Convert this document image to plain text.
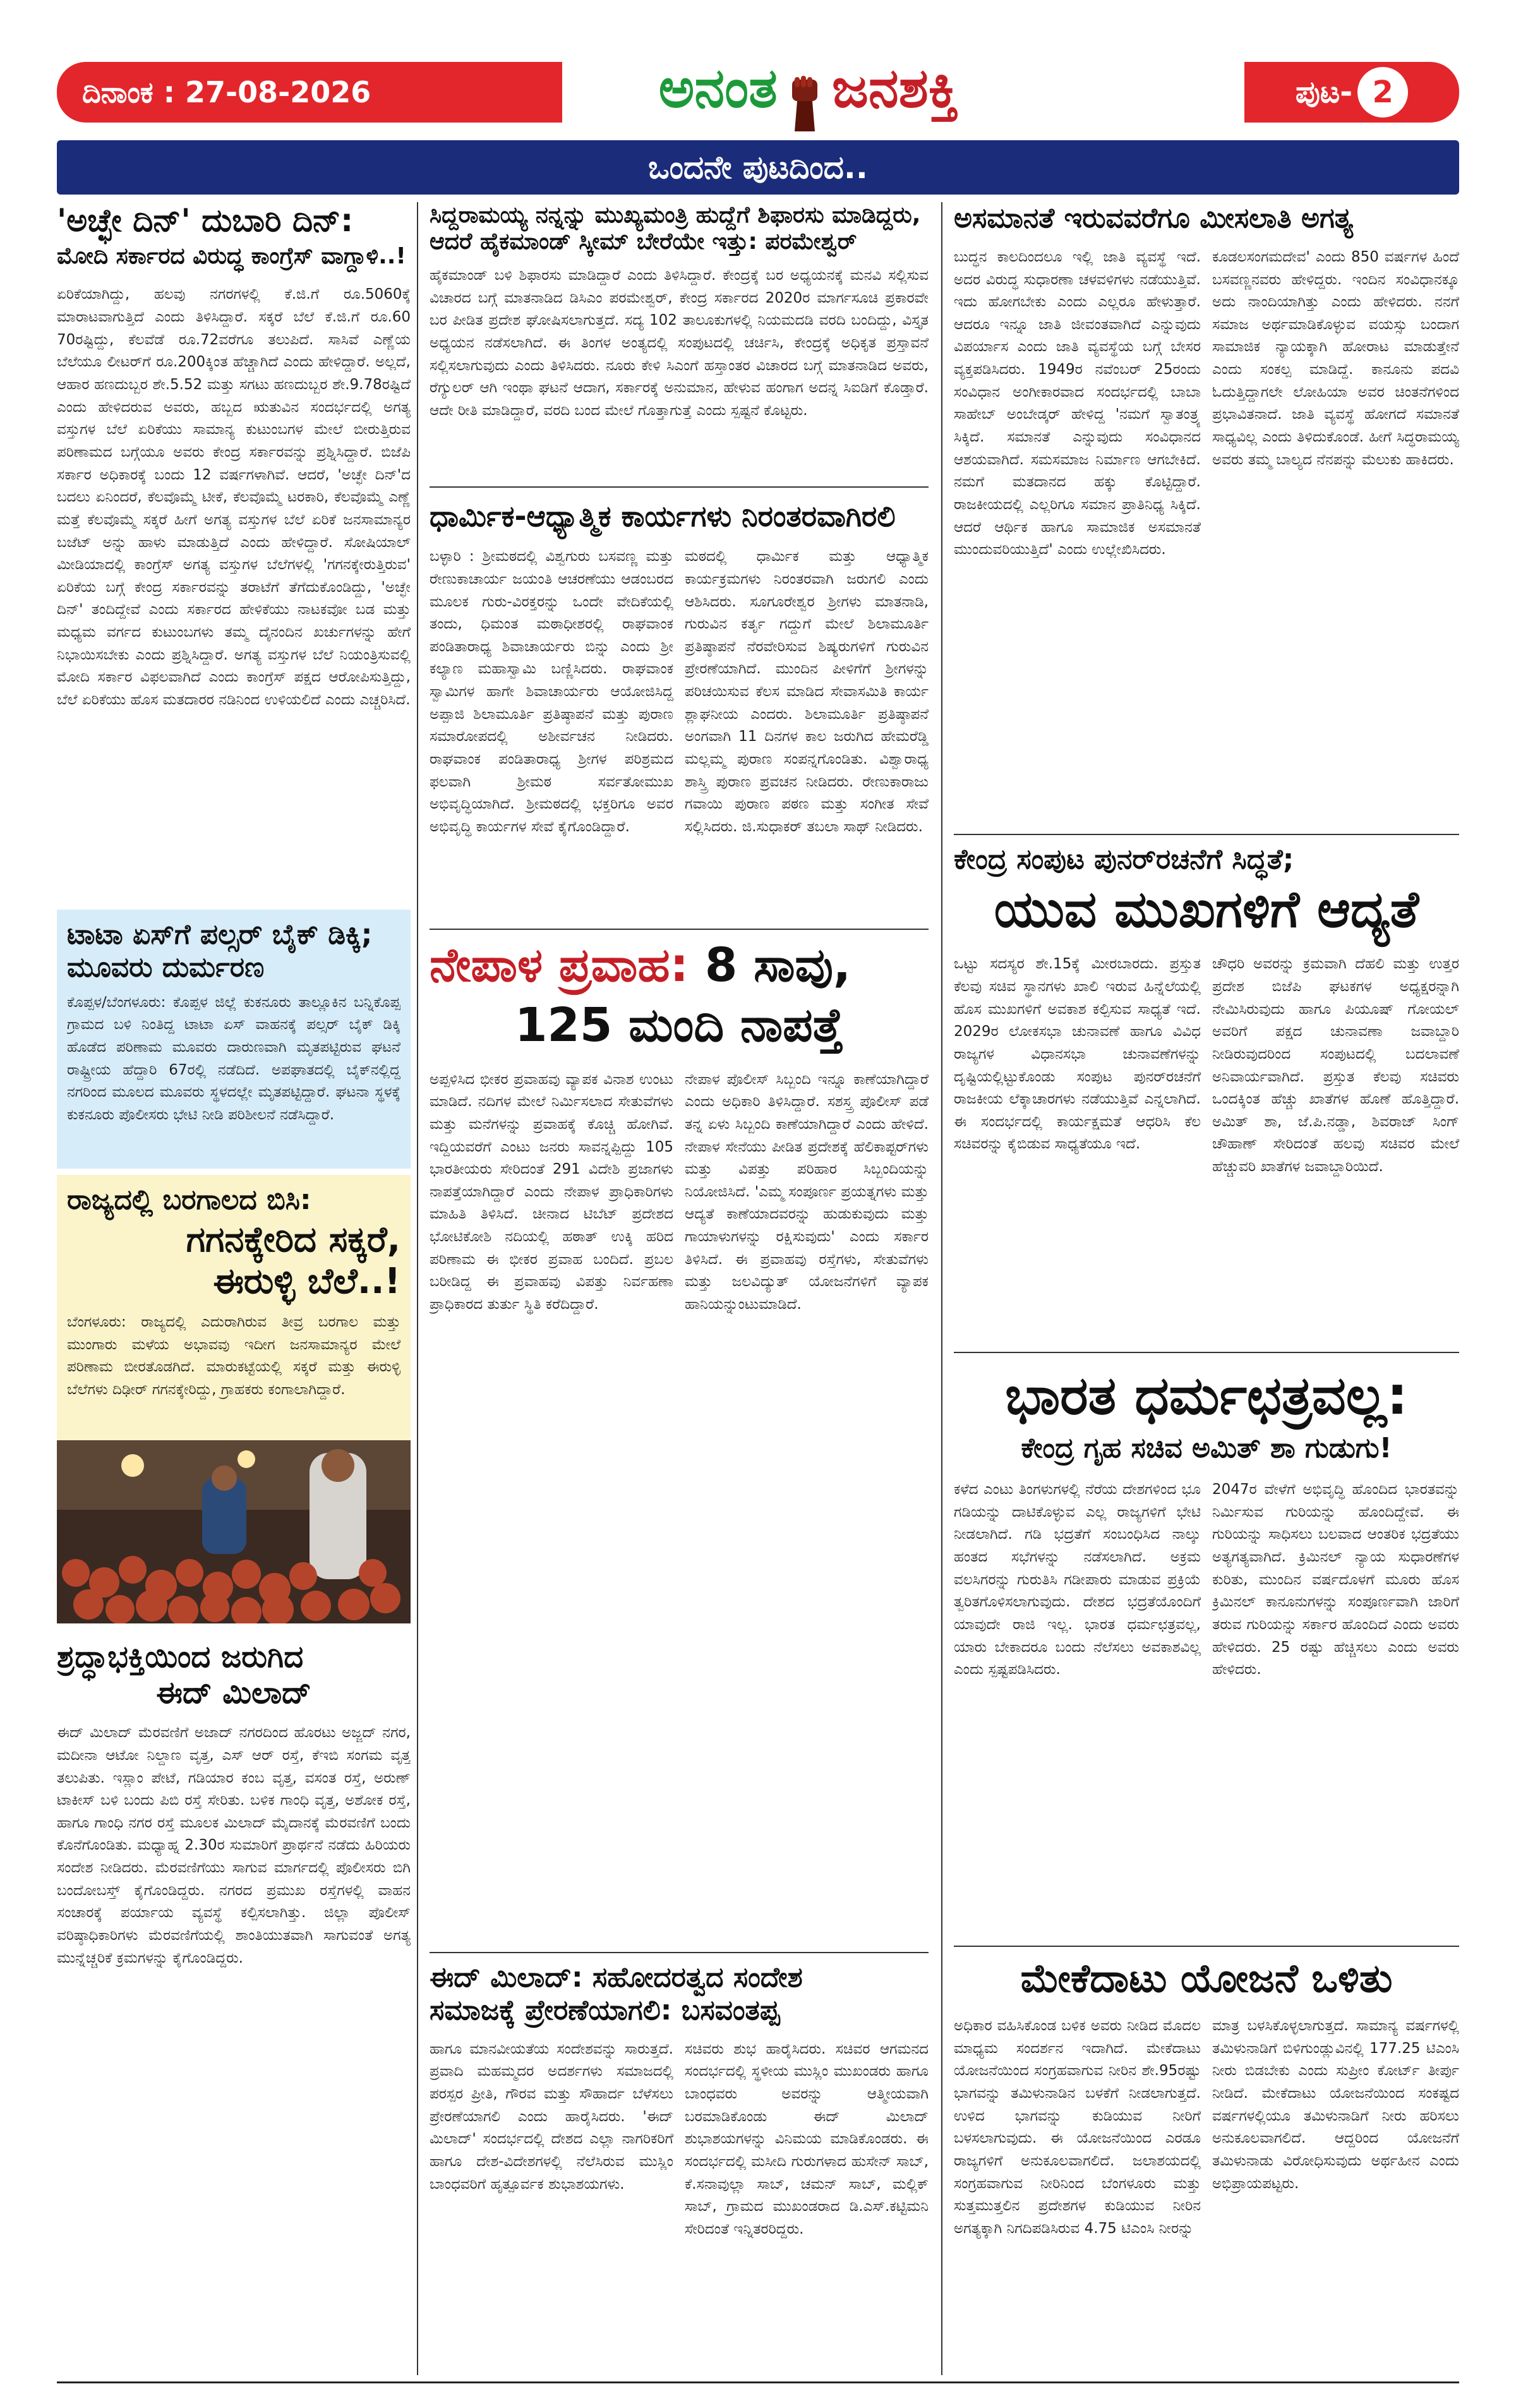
ದಿನಾಂಕ : 27-08-2026	ಅನಂತ ಜನಶಕ್ತಿ	ಪುಟ- 2
ಒಂದನೇ ಪುಟದಿಂದ..
'ಅಚ್ಛೇ ದಿನ್' ದುಬಾರಿ ದಿನ್:
ಮೋದಿ ಸರ್ಕಾರದ ವಿರುದ್ಧ ಕಾಂಗ್ರೆಸ್ ವಾಗ್ದಾಳಿ..!
ಏರಿಕೆಯಾಗಿದ್ದು, ಹಲವು ನಗರಗಳಲ್ಲಿ ಕೆ.ಜಿ.ಗೆ ರೂ.5060ಕ್ಕೆ ಮಾರಾಟವಾಗುತ್ತಿದೆ ಎಂದು ತಿಳಿಸಿದ್ದಾರೆ. ಸಕ್ಕರೆ ಬೆಲೆ ಕೆ.ಜಿ.ಗೆ ರೂ.60 70ರಷ್ಟಿದ್ದು, ಕೆಲವೆಡೆ ರೂ.72ವರೆಗೂ ತಲುಪಿದೆ. ಸಾಸಿವೆ ಎಣ್ಣೆಯ ಬೆಲೆಯೂ ಲೀಟರ್‌ಗೆ ರೂ.200ಕ್ಕಿಂತ ಹೆಚ್ಚಾಗಿದೆ ಎಂದು ಹೇಳಿದ್ದಾರೆ. ಅಲ್ಲದೆ, ಆಹಾರ ಹಣದುಬ್ಬರ ಶೇ.5.52 ಮತ್ತು ಸಗಟು ಹಣದುಬ್ಬರ ಶೇ.9.78ರಷ್ಟಿದೆ ಎಂದು ಹೇಳಿದರುವ ಅವರು, ಹಬ್ಬದ ಋತುವಿನ ಸಂದರ್ಭದಲ್ಲಿ ಅಗತ್ಯ ವಸ್ತುಗಳ ಬೆಲೆ ಏರಿಕೆಯು ಸಾಮಾನ್ಯ ಕುಟುಂಬಗಳ ಮೇಲೆ ಬೀರುತ್ತಿರುವ ಪರಿಣಾಮದ ಬಗ್ಗೆಯೂ ಅವರು ಕೇಂದ್ರ ಸರ್ಕಾರವನ್ನು ಪ್ರಶ್ನಿಸಿದ್ದಾರೆ. ಬಿಜೆಪಿ ಸರ್ಕಾರ ಅಧಿಕಾರಕ್ಕೆ ಬಂದು 12 ವರ್ಷಗಳಾಗಿವೆ. ಆದರೆ, 'ಅಚ್ಛೇ ದಿನ್'ದ ಬದಲು ಏನಿಂದರೆ, ಕೆಲವೊಮ್ಮೆ ಟೀಕೆ, ಕೆಲವೊಮ್ಮೆ ಟರಕಾರಿ, ಕೆಲವೊಮ್ಮೆ ಎಣ್ಣೆ ಮತ್ತೆ ಕೆಲವೊಮ್ಮೆ ಸಕ್ಕರೆ ಹೀಗೆ ಅಗತ್ಯ ವಸ್ತುಗಳ ಬೆಲೆ ಏರಿಕೆ ಜನಸಾಮಾನ್ಯರ ಬಜೆಟ್ ಅನ್ನು ಹಾಳು ಮಾಡುತ್ತಿದೆ ಎಂದು ಹೇಳಿದ್ದಾರೆ. ಸೋಷಿಯಾಲ್ ಮೀಡಿಯಾದಲ್ಲಿ ಕಾಂಗ್ರೆಸ್ ಅಗತ್ಯ ವಸ್ತುಗಳ ಬೆಲೆಗಳಲ್ಲಿ 'ಗಗನಕ್ಕೇರುತ್ತಿರುವ' ಏರಿಕೆಯ ಬಗ್ಗೆ ಕೇಂದ್ರ ಸರ್ಕಾರವನ್ನು ತರಾಟೆಗೆ ತೆಗೆದುಕೊಂಡಿದ್ದು, 'ಅಚ್ಛೇ ದಿನ್' ತಂದಿದ್ದೇವೆ ಎಂದು ಸರ್ಕಾರದ ಹೇಳಿಕೆಯು ನಾಟಕವೋ ಬಡ ಮತ್ತು ಮಧ್ಯಮ ವರ್ಗದ ಕುಟುಂಬಗಳು ತಮ್ಮ ದೈನಂದಿನ ಖರ್ಚುಗಳನ್ನು ಹೇಗೆ ನಿಭಾಯಿಸಬೇಕು ಎಂದು ಪ್ರಶ್ನಿಸಿದ್ದಾರೆ. ಅಗತ್ಯ ವಸ್ತುಗಳ ಬೆಲೆ ನಿಯಂತ್ರಿಸುವಲ್ಲಿ ಮೋದಿ ಸರ್ಕಾರ ವಿಫಲವಾಗಿದೆ ಎಂದು ಕಾಂಗ್ರೆಸ್ ಪಕ್ಷದ ಆರೋಪಿಸುತ್ತಿದ್ದು, ಬೆಲೆ ಏರಿಕೆಯು ಹೊಸ ಮತದಾರರ ನಡಿನಿಂದ ಉಳಿಯಲಿದೆ ಎಂದು ಎಚ್ಚರಿಸಿದೆ.
ಟಾಟಾ ಏಸ್‌ಗೆ ಪಲ್ಸರ್ ಬೈಕ್ ಡಿಕ್ಕಿ; ಮೂವರು ದುರ್ಮರಣ
ಕೊಪ್ಪಳ/ಬೆಂಗಳೂರು: ಕೊಪ್ಪಳ ಜಿಲ್ಲೆ ಕುಕನೂರು ತಾಲ್ಲೂಕಿನ ಬನ್ನಿಕೊಪ್ಪ ಗ್ರಾಮದ ಬಳಿ ನಿಂತಿದ್ದ ಟಾಟಾ ಏಸ್ ವಾಹನಕ್ಕೆ ಪಲ್ಸರ್ ಬೈಕ್ ಡಿಕ್ಕಿ ಹೊಡೆದ ಪರಿಣಾಮ ಮೂವರು ದಾರುಣವಾಗಿ ಮೃತಪಟ್ಟಿರುವ ಘಟನೆ ರಾಷ್ಟ್ರೀಯ ಹೆದ್ದಾರಿ 67ರಲ್ಲಿ ನಡೆದಿದೆ. ಅಪಘಾತದಲ್ಲಿ ಬೈಕ್‌ನಲ್ಲಿದ್ದ ನಗರಿಂದ ಮೂಲದ ಮೂವರು ಸ್ಥಳದಲ್ಲೇ ಮೃತಪಟ್ಟಿದ್ದಾರೆ. ಘಟನಾ ಸ್ಥಳಕ್ಕೆ ಕುಕನೂರು ಪೊಲೀಸರು ಭೇಟಿ ನೀಡಿ ಪರಿಶೀಲನೆ ನಡೆಸಿದ್ದಾರೆ.
ರಾಜ್ಯದಲ್ಲಿ ಬರಗಾಲದ ಬಿಸಿ:
ಗಗನಕ್ಕೇರಿದ ಸಕ್ಕರೆ,
ಈರುಳ್ಳಿ ಬೆಲೆ..!
ಬೆಂಗಳೂರು: ರಾಜ್ಯದಲ್ಲಿ ಎದುರಾಗಿರುವ ತೀವ್ರ ಬರಗಾಲ ಮತ್ತು ಮುಂಗಾರು ಮಳೆಯ ಅಭಾವವು ಇದೀಗ ಜನಸಾಮಾನ್ಯರ ಮೇಲೆ ಪರಿಣಾಮ ಬೀರತೊಡಗಿದೆ. ಮಾರುಕಟ್ಟೆಯಲ್ಲಿ ಸಕ್ಕರೆ ಮತ್ತು ಈರುಳ್ಳಿ ಬೆಲೆಗಳು ದಿಢೀರ್ ಗಗನಕ್ಕೇರಿದ್ದು, ಗ್ರಾಹಕರು ಕಂಗಾಲಾಗಿದ್ದಾರೆ.
ಶ್ರದ್ಧಾಭಕ್ತಿಯಿಂದ ಜರುಗಿದ
ಈದ್ ಮಿಲಾದ್
ಈದ್ ಮಿಲಾದ್ ಮೆರವಣಿಗೆ ಅಜಾದ್ ನಗರದಿಂದ ಹೊರಟು ಅಜ್ಜದ್ ನಗರ, ಮದೀನಾ ಆಟೋ ನಿಲ್ದಾಣ ವೃತ್ತ, ಎಸ್ ಆರ್ ರಸ್ತೆ, ಕೆಇಬಿ ಸಂಗಮ ವೃತ್ತ ತಲುಪಿತು. ಇಸ್ಲಾಂ ಪೇಟೆ, ಗಡಿಯಾರ ಕಂಬ ವೃತ್ತ, ವಸಂತ ರಸ್ತೆ, ಅರುಣ್ ಟಾಕೀಸ್ ಬಳಿ ಬಂದು ಪಿಬಿ ರಸ್ತೆ ಸೇರಿತು. ಬಳಿಕ ಗಾಂಧಿ ವೃತ್ತ, ಅಶೋಕ ರಸ್ತೆ, ಹಾಗೂ ಗಾಂಧಿ ನಗರ ರಸ್ತೆ ಮೂಲಕ ಮಿಲಾದ್ ಮೈದಾನಕ್ಕೆ ಮೆರವಣಿಗೆ ಬಂದು ಕೊನೆಗೊಂಡಿತು. ಮಧ್ಯಾಹ್ನ 2.30ರ ಸುಮಾರಿಗೆ ಪ್ರಾರ್ಥನೆ ನಡೆದು ಹಿರಿಯರು ಸಂದೇಶ ನೀಡಿದರು. ಮೆರವಣಿಗೆಯು ಸಾಗುವ ಮಾರ್ಗದಲ್ಲಿ ಪೊಲೀಸರು ಬಿಗಿ ಬಂದೋಬಸ್ತ್ ಕೈಗೊಂಡಿದ್ದರು. ನಗರದ ಪ್ರಮುಖ ರಸ್ತೆಗಳಲ್ಲಿ ವಾಹನ ಸಂಚಾರಕ್ಕೆ ಪರ್ಯಾಯ ವ್ಯವಸ್ಥೆ ಕಲ್ಪಿಸಲಾಗಿತ್ತು. ಜಿಲ್ಲಾ ಪೊಲೀಸ್ ವರಿಷ್ಠಾಧಿಕಾರಿಗಳು ಮೆರವಣಿಗೆಯಲ್ಲಿ ಶಾಂತಿಯುತವಾಗಿ ಸಾಗುವಂತೆ ಅಗತ್ಯ ಮುನ್ನೆಚ್ಚರಿಕೆ ಕ್ರಮಗಳನ್ನು ಕೈಗೊಂಡಿದ್ದರು.
ಸಿದ್ದರಾಮಯ್ಯ ನನ್ನನ್ನು ಮುಖ್ಯಮಂತ್ರಿ ಹುದ್ದೆಗೆ ಶಿಫಾರಸು ಮಾಡಿದ್ದರು,
ಆದರೆ ಹೈಕಮಾಂಡ್ ಸ್ಕೀಮ್ ಬೇರೆಯೇ ಇತ್ತು: ಪರಮೇಶ್ವರ್
ಹೈಕಮಾಂಡ್ ಬಳಿ ಶಿಫಾರಸು ಮಾಡಿದ್ದಾರೆ ಎಂದು ತಿಳಿಸಿದ್ದಾರೆ. ಕೇಂದ್ರಕ್ಕೆ ಬರ ಅಧ್ಯಯನಕ್ಕೆ ಮನವಿ ಸಲ್ಲಿಸುವ ವಿಚಾರದ ಬಗ್ಗೆ ಮಾತನಾಡಿದ ಡಿಸಿಎಂ ಪರಮೇಶ್ವರ್, ಕೇಂದ್ರ ಸರ್ಕಾರದ 2020ರ ಮಾರ್ಗಸೂಚಿ ಪ್ರಕಾರವೇ ಬರ ಪೀಡಿತ ಪ್ರದೇಶ ಘೋಷಿಸಲಾಗುತ್ತದೆ. ಸದ್ಯ 102 ತಾಲೂಕುಗಳಲ್ಲಿ ನಿಯಮದಡಿ ವರದಿ ಬಂದಿದ್ದು, ವಿಸ್ತೃತ ಅಧ್ಯಯನ ನಡೆಸಲಾಗಿದೆ. ಈ ತಿಂಗಳ ಅಂತ್ಯದಲ್ಲಿ ಸಂಪುಟದಲ್ಲಿ ಚರ್ಚಿಸಿ, ಕೇಂದ್ರಕ್ಕೆ ಅಧಿಕೃತ ಪ್ರಸ್ತಾವನೆ ಸಲ್ಲಿಸಲಾಗುವುದು ಎಂದು ತಿಳಿಸಿದರು. ನೂರು ಕೇಳಿ ಸಿಎಂಗೆ ಹಸ್ತಾಂತರ ವಿಚಾರದ ಬಗ್ಗೆ ಮಾತನಾಡಿದ ಅವರು, ರೆಗ್ಯುಲರ್ ಆಗಿ ಇಂಥಾ ಘಟನೆ ಆದಾಗ, ಸರ್ಕಾರಕ್ಕೆ ಅನುಮಾನ, ಹೇಳುವ ಹಂಗಾಗ ಅದನ್ನ ಸಿಐಡಿಗೆ ಕೊಡ್ತಾರೆ. ಆದೇ ರೀತಿ ಮಾಡಿದ್ದಾರೆ, ವರದಿ ಬಂದ ಮೇಲೆ ಗೊತ್ತಾಗುತ್ತೆ ಎಂದು ಸ್ಪಷ್ಟನೆ ಕೊಟ್ಟರು.
ಧಾರ್ಮಿಕ-ಆಧ್ಯಾತ್ಮಿಕ ಕಾರ್ಯಗಳು ನಿರಂತರವಾಗಿರಲಿ
ಬಳ್ಳಾರಿ : ಶ್ರೀಮಠದಲ್ಲಿ ವಿಶ್ವಗುರು ಬಸವಣ್ಣ ಮತ್ತು ರೇಣುಕಾಚಾರ್ಯ ಜಯಂತಿ ಆಚರಣೆಯು ಆಡಂಬರದ ಮೂಲಕ ಗುರು-ವಿರಕ್ತರನ್ನು ಒಂದೇ ವೇದಿಕೆಯಲ್ಲಿ ತಂದು, ಧಿಮಂತ ಮಠಾಧೀಶರಲ್ಲಿ ರಾಘವಾಂಕ ಪಂಡಿತಾರಾಧ್ಯ ಶಿವಾಚಾರ್ಯರು ಬಿನ್ನು ಎಂದು ಶ್ರೀ ಕಲ್ಯಾಣ ಮಹಾಸ್ವಾಮಿ ಬಣ್ಣಿಸಿದರು. ರಾಘವಾಂಕ ಸ್ವಾಮಿಗಳ ಹಾಗೇ ಶಿವಾಚಾರ್ಯರು ಆಯೋಜಿಸಿದ್ದ ಅಪ್ಪಾಜಿ ಶಿಲಾಮೂರ್ತಿ ಪ್ರತಿಷ್ಠಾಪನೆ ಮತ್ತು ಪುರಾಣ ಸಮಾರೋಪದಲ್ಲಿ ಅಶೀರ್ವಚನ ನೀಡಿದರು. ರಾಘವಾಂಕ ಪಂಡಿತಾರಾಧ್ಯ ಶ್ರೀಗಳ ಪರಿಶ್ರಮದ ಫಲವಾಗಿ ಶ್ರೀಮಠ ಸರ್ವತೋಮುಖ ಅಭಿವೃದ್ಧಿಯಾಗಿದೆ. ಶ್ರೀಮಠದಲ್ಲಿ ಭಕ್ತರಿಗೂ ಅವರ ಅಭಿವೃದ್ಧಿ ಕಾರ್ಯಗಳ ಸೇವೆ ಕೈಗೊಂಡಿದ್ದಾರೆ.
ಮಠದಲ್ಲಿ ಧಾರ್ಮಿಕ ಮತ್ತು ಆಧ್ಯಾತ್ಮಿಕ ಕಾರ್ಯಕ್ರಮಗಳು ನಿರಂತರವಾಗಿ ಜರುಗಲಿ ಎಂದು ಆಶಿಸಿದರು. ಸೂಗೂರೇಶ್ವರ ಶ್ರೀಗಳು ಮಾತನಾಡಿ, ಗುರುವಿನ ಕರ್ತೃ ಗದ್ದುಗೆ ಮೇಲೆ ಶಿಲಾಮೂರ್ತಿ ಪ್ರತಿಷ್ಠಾಪನೆ ನೆರವೇರಿಸುವ ಶಿಷ್ಯರುಗಳಿಗೆ ಗುರುವಿನ ಪ್ರೇರಣೆಯಾಗಿದೆ. ಮುಂದಿನ ಪೀಳಿಗೆಗೆ ಶ್ರೀಗಳನ್ನು ಪರಿಚಯಿಸುವ ಕೆಲಸ ಮಾಡಿದ ಸೇವಾಸಮಿತಿ ಕಾರ್ಯ ಶ್ಲಾಘನೀಯ ಎಂದರು. ಶಿಲಾಮೂರ್ತಿ ಪ್ರತಿಷ್ಠಾಪನೆ ಅಂಗವಾಗಿ 11 ದಿನಗಳ ಕಾಲ ಜರುಗಿದ ಹೇಮರೆಡ್ಡಿ ಮಲ್ಲಮ್ಮ ಪುರಾಣ ಸಂಪನ್ನಗೊಂಡಿತು. ವಿಶ್ವಾರಾಧ್ಯ ಶಾಸ್ತ್ರಿ ಪುರಾಣ ಪ್ರವಚನ ನೀಡಿದರು. ರೇಣುಕಾರಾಜು ಗವಾಯಿ ಪುರಾಣ ಪಠಣ ಮತ್ತು ಸಂಗೀತ ಸೇವೆ ಸಲ್ಲಿಸಿದರು. ಜಿ.ಸುಧಾಕರ್ ತಬಲಾ ಸಾಥ್ ನೀಡಿದರು.
ನೇಪಾಳ ಪ್ರವಾಹ: 8 ಸಾವು,
125 ಮಂದಿ ನಾಪತ್ತೆ
ಅಪ್ಪಳಿಸಿದ ಭೀಕರ ಪ್ರವಾಹವು ವ್ಯಾಪಕ ವಿನಾಶ ಉಂಟು ಮಾಡಿದೆ. ನದಿಗಳ ಮೇಲೆ ನಿರ್ಮಿಸಲಾದ ಸೇತುವೆಗಳು ಮತ್ತು ಮನೆಗಳನ್ನು ಪ್ರವಾಹಕ್ಕೆ ಕೊಚ್ಚಿ ಹೋಗಿವೆ. ಇದ್ದಿಯವರೆಗೆ ಎಂಟು ಜನರು ಸಾವನ್ನಪ್ಪಿದ್ದು 105 ಭಾರತೀಯರು ಸೇರಿದಂತೆ 291 ವಿದೇಶಿ ಪ್ರಜಾಗಳು ನಾಪತ್ತೆಯಾಗಿದ್ದಾರೆ ಎಂದು ನೇಪಾಳ ಪ್ರಾಧಿಕಾರಿಗಳು ಮಾಹಿತಿ ತಿಳಿಸಿದೆ. ಚೀನಾದ ಟಿಬೆಟ್ ಪ್ರದೇಶದ ಭೋಟಿಕೋಶಿ ನದಿಯಲ್ಲಿ ಹಠಾತ್ ಉಕ್ಕಿ ಹರಿದ ಪರಿಣಾಮ ಈ ಭೀಕರ ಪ್ರವಾಹ ಬಂದಿದೆ. ಪ್ರಬಲ ಬರೀಡಿದ್ದ ಈ ಪ್ರವಾಹವು ವಿಪತ್ತು ನಿರ್ವಹಣಾ ಪ್ರಾಧಿಕಾರದ ತುರ್ತು ಸ್ಥಿತಿ ಕರೆದಿದ್ದಾರೆ.
ನೇಪಾಳ ಪೊಲೀಸ್ ಸಿಬ್ಬಂದಿ ಇನ್ನೂ ಕಾಣೆಯಾಗಿದ್ದಾರೆ ಎಂದು ಅಧಿಕಾರಿ ತಿಳಿಸಿದ್ದಾರೆ. ಸಶಸ್ತ್ರ ಪೊಲೀಸ್ ಪಡೆ ತನ್ನ ಏಳು ಸಿಬ್ಬಂದಿ ಕಾಣೆಯಾಗಿದ್ದಾರೆ ಎಂದು ಹೇಳಿದೆ. ನೇಪಾಳ ಸೇನೆಯು ಪೀಡಿತ ಪ್ರದೇಶಕ್ಕೆ ಹೆಲಿಕಾಪ್ಟರ್‌ಗಳು ಮತ್ತು ವಿಪತ್ತು ಪರಿಹಾರ ಸಿಬ್ಬಂದಿಯನ್ನು ನಿಯೋಜಿಸಿದೆ. 'ಎಮ್ಮ ಸಂಪೂರ್ಣ ಪ್ರಯತ್ನಗಳು ಮತ್ತು ಆದ್ಯತೆ ಕಾಣೆಯಾದವರನ್ನು ಹುಡುಕುವುದು ಮತ್ತು ಗಾಯಾಳುಗಳನ್ನು ರಕ್ಷಿಸುವುದು' ಎಂದು ಸರ್ಕಾರ ತಿಳಿಸಿದೆ. ಈ ಪ್ರವಾಹವು ರಸ್ತೆಗಳು, ಸೇತುವೆಗಳು ಮತ್ತು ಜಲವಿದ್ಯುತ್ ಯೋಜನೆಗಳಿಗೆ ವ್ಯಾಪಕ ಹಾನಿಯನ್ನುಂಟುಮಾಡಿದೆ.
ಈದ್ ಮಿಲಾದ್: ಸಹೋದರತ್ವದ ಸಂದೇಶ
ಸಮಾಜಕ್ಕೆ ಪ್ರೇರಣೆಯಾಗಲಿ: ಬಸವಂತಪ್ಪ
ಹಾಗೂ ಮಾನವೀಯತೆಯ ಸಂದೇಶವನ್ನು ಸಾರುತ್ತದೆ. ಪ್ರವಾದಿ ಮಹಮ್ಮದರ ಅದರ್ಶಗಳು ಸಮಾಜದಲ್ಲಿ ಪರಸ್ಪರ ಪ್ರೀತಿ, ಗೌರವ ಮತ್ತು ಸೌಹಾರ್ದ ಬೆಳೆಸಲು ಪ್ರೇರಣೆಯಾಗಲಿ ಎಂದು ಹಾರೈಸಿದರು. 'ಈದ್ ಮಿಲಾದ್' ಸಂದರ್ಭದಲ್ಲಿ ದೇಶದ ಎಲ್ಲಾ ನಾಗರಿಕರಿಗೆ ಹಾಗೂ ದೇಶ-ವಿದೇಶಗಳಲ್ಲಿ ನೆಲೆಸಿರುವ ಮುಸ್ಲಿಂ ಬಾಂಧವರಿಗೆ ಹೃತ್ಪೂರ್ವಕ ಶುಭಾಶಯಗಳು.
ಸಚಿವರು ಶುಭ ಹಾರೈಸಿದರು. ಸಚಿವರ ಆಗಮನದ ಸಂದರ್ಭದಲ್ಲಿ ಸ್ಥಳೀಯ ಮುಸ್ಲಿಂ ಮುಖಂಡರು ಹಾಗೂ ಬಾಂಧವರು ಅವರನ್ನು ಆತ್ಮೀಯವಾಗಿ ಬರಮಾಡಿಕೊಂಡು ಈದ್ ಮಿಲಾದ್ ಶುಭಾಶಯಗಳನ್ನು ವಿನಿಮಯ ಮಾಡಿಕೊಂಡರು. ಈ ಸಂದರ್ಭದಲ್ಲಿ ಮಸೀದಿ ಗುರುಗಳಾದ ಹುಸೇನ್ ಸಾಬ್, ಕೆ.ಸನಾವುಲ್ಲಾ ಸಾಬ್, ಚಮನ್ ಸಾಬ್, ಮಲ್ಲಿಕ್ ಸಾಬ್, ಗ್ರಾಮದ ಮುಖಂಡರಾದ ಡಿ.ಎಸ್.ಕಟ್ಟಿಮನಿ ಸೇರಿದಂತೆ ಇನ್ನಿತರರಿದ್ದರು.
ಅಸಮಾನತೆ ಇರುವವರೆಗೂ ಮೀಸಲಾತಿ ಅಗತ್ಯ
ಬುದ್ಧನ ಕಾಲದಿಂದಲೂ ಇಲ್ಲಿ ಜಾತಿ ವ್ಯವಸ್ಥೆ ಇದೆ. ಅದರ ವಿರುದ್ಧ ಸುಧಾರಣಾ ಚಳವಳಿಗಳು ನಡೆಯುತ್ತಿವೆ. ಇದು ಹೋಗಬೇಕು ಎಂದು ಎಲ್ಲರೂ ಹೇಳುತ್ತಾರೆ. ಆದರೂ ಇನ್ನೂ ಜಾತಿ ಜೀವಂತವಾಗಿದೆ ಎನ್ನುವುದು ವಿಪರ್ಯಾಸ ಎಂದು ಜಾತಿ ವ್ಯವಸ್ಥೆಯ ಬಗ್ಗೆ ಬೇಸರ ವ್ಯಕ್ತಪಡಿಸಿದರು. 1949ರ ನವೆಂಬರ್ 25ರಂದು ಸಂವಿಧಾನ ಅಂಗೀಕಾರವಾದ ಸಂದರ್ಭದಲ್ಲಿ ಬಾಬಾ ಸಾಹೇಬ್ ಅಂಬೇಡ್ಕರ್ ಹೇಳಿದ್ದ 'ನಮಗೆ ಸ್ವಾತಂತ್ರ್ಯ ಸಿಕ್ಕಿದೆ. ಸಮಾನತೆ ಎನ್ನುವುದು ಸಂವಿಧಾನದ ಆಶಯವಾಗಿದೆ. ಸಮಸಮಾಜ ನಿರ್ಮಾಣ ಆಗಬೇಕಿದೆ. ನಮಗೆ ಮತದಾನದ ಹಕ್ಕು ಕೊಟ್ಟಿದ್ದಾರೆ. ರಾಜಕೀಯದಲ್ಲಿ ಎಲ್ಲರಿಗೂ ಸಮಾನ ಪ್ರಾತಿನಿಧ್ಯ ಸಿಕ್ಕಿದೆ. ಆದರೆ ಆರ್ಥಿಕ ಹಾಗೂ ಸಾಮಾಜಿಕ ಅಸಮಾನತೆ ಮುಂದುವರಿಯುತ್ತಿದೆ' ಎಂದು ಉಲ್ಲೇಖಿಸಿದರು.
ಕೂಡಲಸಂಗಮದೇವ' ಎಂದು 850 ವರ್ಷಗಳ ಹಿಂದೆ ಬಸವಣ್ಣನವರು ಹೇಳಿದ್ದರು. ಇಂದಿನ ಸಂವಿಧಾನಕ್ಕೂ ಅದು ನಾಂದಿಯಾಗಿತ್ತು ಎಂದು ಹೇಳಿದರು. ನನಗೆ ಸಮಾಜ ಅರ್ಥಮಾಡಿಕೊಳ್ಳುವ ವಯಸ್ಸು ಬಂದಾಗ ಸಾಮಾಜಿಕ ನ್ಯಾಯಕ್ಕಾಗಿ ಹೋರಾಟ ಮಾಡುತ್ತೇನೆ ಎಂದು ಸಂಕಲ್ಪ ಮಾಡಿದ್ದೆ. ಕಾನೂನು ಪದವಿ ಓದುತ್ತಿದ್ದಾಗಲೇ ಲೋಹಿಯಾ ಅವರ ಚಿಂತನೆಗಳಿಂದ ಪ್ರಭಾವಿತನಾದೆ. ಜಾತಿ ವ್ಯವಸ್ಥೆ ಹೋಗದೆ ಸಮಾನತೆ ಸಾಧ್ಯವಿಲ್ಲ ಎಂದು ತಿಳಿದುಕೊಂಡೆ. ಹೀಗೆ ಸಿದ್ಧರಾಮಯ್ಯ ಅವರು ತಮ್ಮ ಬಾಲ್ಯದ ನೆನಪನ್ನು ಮೆಲುಕು ಹಾಕಿದರು.
ಕೇಂದ್ರ ಸಂಪುಟ ಪುನರ್‌ರಚನೆಗೆ ಸಿದ್ಧತೆ;
ಯುವ ಮುಖಗಳಿಗೆ ಆದ್ಯತೆ
ಒಟ್ಟು ಸದಸ್ಯರ ಶೇ.15ಕ್ಕೆ ಮೀರಬಾರದು. ಪ್ರಸ್ತುತ ಕೆಲವು ಸಚಿವ ಸ್ಥಾನಗಳು ಖಾಲಿ ಇರುವ ಹಿನ್ನೆಲೆಯಲ್ಲಿ ಹೊಸ ಮುಖಗಳಿಗೆ ಅವಕಾಶ ಕಲ್ಪಿಸುವ ಸಾಧ್ಯತೆ ಇದೆ. 2029ರ ಲೋಕಸಭಾ ಚುನಾವಣೆ ಹಾಗೂ ವಿವಿಧ ರಾಜ್ಯಗಳ ವಿಧಾನಸಭಾ ಚುನಾವಣೆಗಳನ್ನು ದೃಷ್ಟಿಯಲ್ಲಿಟ್ಟುಕೊಂಡು ಸಂಪುಟ ಪುನರ್‌ರಚನೆಗೆ ರಾಜಕೀಯ ಲೆಕ್ಕಾಚಾರಗಳು ನಡೆಯುತ್ತಿವೆ ಎನ್ನಲಾಗಿದೆ. ಈ ಸಂದರ್ಭದಲ್ಲಿ ಕಾರ್ಯಕ್ಷಮತೆ ಆಧರಿಸಿ ಕೆಲ ಸಚಿವರನ್ನು ಕೈಬಿಡುವ ಸಾಧ್ಯತೆಯೂ ಇದೆ.
ಚೌಧರಿ ಅವರನ್ನು ಕ್ರಮವಾಗಿ ದೆಹಲಿ ಮತ್ತು ಉತ್ತರ ಪ್ರದೇಶ ಬಿಜೆಪಿ ಘಟಕಗಳ ಅಧ್ಯಕ್ಷರನ್ನಾಗಿ ನೇಮಿಸಿರುವುದು ಹಾಗೂ ಪಿಯೂಷ್ ಗೋಯಲ್ ಅವರಿಗೆ ಪಕ್ಷದ ಚುನಾವಣಾ ಜವಾಬ್ದಾರಿ ನೀಡಿರುವುದರಿಂದ ಸಂಪುಟದಲ್ಲಿ ಬದಲಾವಣೆ ಅನಿವಾರ್ಯವಾಗಿದೆ. ಪ್ರಸ್ತುತ ಕೆಲವು ಸಚಿವರು ಒಂದಕ್ಕಿಂತ ಹೆಚ್ಚು ಖಾತೆಗಳ ಹೊಣೆ ಹೊತ್ತಿದ್ದಾರೆ. ಅಮಿತ್ ಶಾ, ಜೆ.ಪಿ.ನಡ್ಡಾ, ಶಿವರಾಜ್ ಸಿಂಗ್ ಚೌಹಾಣ್ ಸೇರಿದಂತೆ ಹಲವು ಸಚಿವರ ಮೇಲೆ ಹೆಚ್ಚುವರಿ ಖಾತೆಗಳ ಜವಾಬ್ದಾರಿಯಿದೆ.
ಭಾರತ ಧರ್ಮಛತ್ರವಲ್ಲ:
ಕೇಂದ್ರ ಗೃಹ ಸಚಿವ ಅಮಿತ್ ಶಾ ಗುಡುಗು!
ಕಳೆದ ಎಂಟು ತಿಂಗಳುಗಳಲ್ಲಿ ನೆರೆಯ ದೇಶಗಳಿಂದ ಭೂ ಗಡಿಯನ್ನು ದಾಟಿಕೊಳ್ಳುವ ಎಲ್ಲ ರಾಜ್ಯಗಳಿಗೆ ಭೇಟಿ ನೀಡಲಾಗಿದೆ. ಗಡಿ ಭದ್ರತೆಗೆ ಸಂಬಂಧಿಸಿದ ನಾಲ್ಕು ಹಂತದ ಸಭೆಗಳನ್ನು ನಡೆಸಲಾಗಿದೆ. ಅಕ್ರಮ ವಲಸಿಗರನ್ನು ಗುರುತಿಸಿ ಗಡೀಪಾರು ಮಾಡುವ ಪ್ರಕ್ರಿಯೆ ತ್ವರಿತಗೊಳಿಸಲಾಗುವುದು. ದೇಶದ ಭದ್ರತೆಯೊಂದಿಗೆ ಯಾವುದೇ ರಾಜಿ ಇಲ್ಲ. ಭಾರತ ಧರ್ಮಛತ್ರವಲ್ಲ, ಯಾರು ಬೇಕಾದರೂ ಬಂದು ನೆಲೆಸಲು ಅವಕಾಶವಿಲ್ಲ ಎಂದು ಸ್ಪಷ್ಟಪಡಿಸಿದರು.
2047ರ ವೇಳೆಗೆ ಅಭಿವೃದ್ಧಿ ಹೊಂದಿದ ಭಾರತವನ್ನು ನಿರ್ಮಿಸುವ ಗುರಿಯನ್ನು ಹೊಂದಿದ್ದೇವೆ. ಈ ಗುರಿಯನ್ನು ಸಾಧಿಸಲು ಬಲವಾದ ಆಂತರಿಕ ಭದ್ರತೆಯು ಅತ್ಯಗತ್ಯವಾಗಿದೆ. ಕ್ರಿಮಿನಲ್ ನ್ಯಾಯ ಸುಧಾರಣೆಗಳ ಕುರಿತು, ಮುಂದಿನ ವರ್ಷದೊಳಗೆ ಮೂರು ಹೊಸ ಕ್ರಿಮಿನಲ್ ಕಾನೂನುಗಳನ್ನು ಸಂಪೂರ್ಣವಾಗಿ ಜಾರಿಗೆ ತರುವ ಗುರಿಯನ್ನು ಸರ್ಕಾರ ಹೊಂದಿದೆ ಎಂದು ಅವರು ಹೇಳಿದರು. 25 ರಷ್ಟು ಹೆಚ್ಚಿಸಲು ಎಂದು ಅವರು ಹೇಳಿದರು.
ಮೇಕೆದಾಟು ಯೋಜನೆ ಒಳಿತು
ಅಧಿಕಾರ ವಹಿಸಿಕೊಂಡ ಬಳಿಕ ಅವರು ನೀಡಿದ ಮೊದಲ ಮಾಧ್ಯಮ ಸಂದರ್ಶನ ಇದಾಗಿದೆ. ಮೇಕೆದಾಟು ಯೋಜನೆಯಿಂದ ಸಂಗ್ರಹವಾಗುವ ನೀರಿನ ಶೇ.95ರಷ್ಟು ಭಾಗವನ್ನು ತಮಿಳುನಾಡಿನ ಬಳಕೆಗೆ ನೀಡಲಾಗುತ್ತದೆ. ಉಳಿದ ಭಾಗವನ್ನು ಕುಡಿಯುವ ನೀರಿಗೆ ಬಳಸಲಾಗುವುದು. ಈ ಯೋಜನೆಯಿಂದ ಎರಡೂ ರಾಜ್ಯಗಳಿಗೆ ಅನುಕೂಲವಾಗಲಿದೆ. ಜಲಾಶಯದಲ್ಲಿ ಸಂಗ್ರಹವಾಗುವ ನೀರಿನಿಂದ ಬೆಂಗಳೂರು ಮತ್ತು ಸುತ್ತಮುತ್ತಲಿನ ಪ್ರದೇಶಗಳ ಕುಡಿಯುವ ನೀರಿನ ಅಗತ್ಯಕ್ಕಾಗಿ ನಿಗದಿಪಡಿಸಿರುವ 4.75 ಟಿಎಂಸಿ ನೀರನ್ನು
ಮಾತ್ರ ಬಳಸಿಕೊಳ್ಳಲಾಗುತ್ತದೆ. ಸಾಮಾನ್ಯ ವರ್ಷಗಳಲ್ಲಿ ತಮಿಳುನಾಡಿಗೆ ಬಿಳಿಗುಂಡ್ಲುವಿನಲ್ಲಿ 177.25 ಟಿಎಂಸಿ ನೀರು ಬಿಡಬೇಕು ಎಂದು ಸುಪ್ರೀಂ ಕೋರ್ಟ್ ತೀರ್ಪು ನೀಡಿದೆ. ಮೇಕೆದಾಟು ಯೋಜನೆಯಿಂದ ಸಂಕಷ್ಟದ ವರ್ಷಗಳಲ್ಲಿಯೂ ತಮಿಳುನಾಡಿಗೆ ನೀರು ಹರಿಸಲು ಅನುಕೂಲವಾಗಲಿದೆ. ಆದ್ದರಿಂದ ಯೋಜನೆಗೆ ತಮಿಳುನಾಡು ವಿರೋಧಿಸುವುದು ಅರ್ಥಹೀನ ಎಂದು ಅಭಿಪ್ರಾಯಪಟ್ಟರು.
